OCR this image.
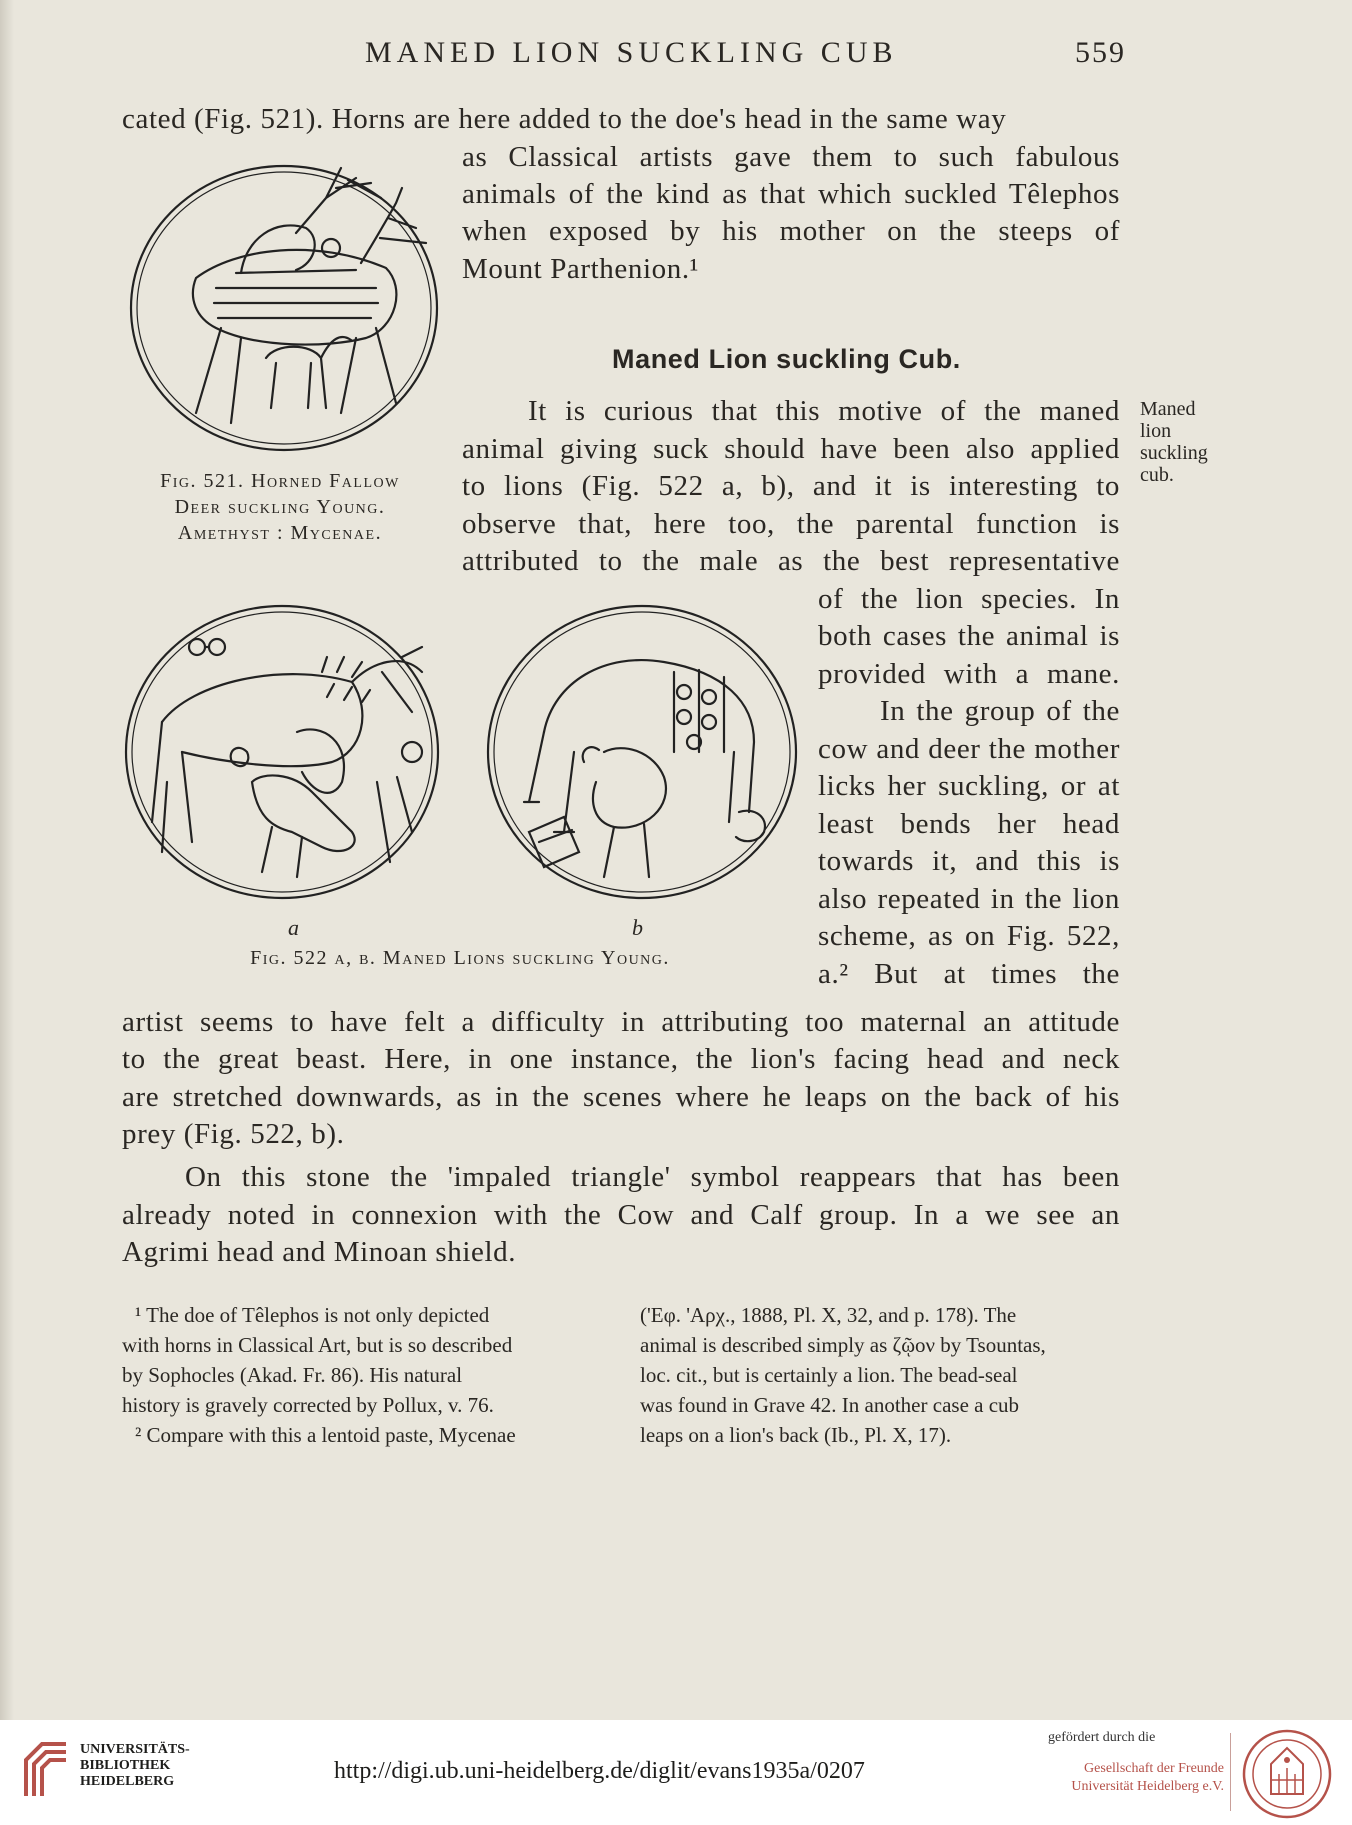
MANED LION SUCKLING CUB	559
cated (Fig. 521). Horns are here added to the doe's head in the same way
as Classical artists gave them to such fabulous
animals of the kind as that which suckled Têlephos
when exposed by his mother on the steeps of
Mount Parthenion.¹
Fig. 521. Horned Fallow
Deer suckling Young.
Amethyst : Mycenae.
Maned Lion suckling Cub.
It is curious that this motive of the maned
animal giving suck should have been also applied
to lions (Fig. 522 a, b), and it is interesting to
observe that, here too, the parental function is
attributed to the male as the best representative
of the lion species. In
both cases the animal is
provided with a mane.
In the group of the
cow and deer the mother
licks her suckling, or at
least bends her head
towards it, and this is
also repeated in the lion
scheme, as on Fig. 522,
a.² But at times the
artist seems to have felt a difficulty in attributing too maternal an attitude
to the great beast. Here, in one instance, the lion's facing head and neck
are stretched downwards, as in the scenes where he leaps on the back of his
prey (Fig. 522, b).
On this stone the 'impaled triangle' symbol reappears that has been
already noted in connexion with the Cow and Calf group. In a we see an
Agrimi head and Minoan shield.
Maned
lion
suckling
cub.
a	b
Fig. 522 a, b. Maned Lions suckling Young.
¹ The doe of Têlephos is not only depicted
with horns in Classical Art, but is so described
by Sophocles (Akad. Fr. 86). His natural
history is gravely corrected by Pollux, v. 76.
² Compare with this a lentoid paste, Mycenae
('Eφ. 'Aρχ., 1888, Pl. X, 32, and p. 178). The
animal is described simply as ζῷον by Tsountas,
loc. cit., but is certainly a lion. The bead-seal
was found in Grave 42. In another case a cub
leaps on a lion's back (Ib., Pl. X, 17).
UNIVERSITÄTS-
BIBLIOTHEK
HEIDELBERG	http://digi.ub.uni-heidelberg.de/diglit/evans1935a/0207
gefördert durch die
Gesellschaft der Freunde
Universität Heidelberg e.V.
